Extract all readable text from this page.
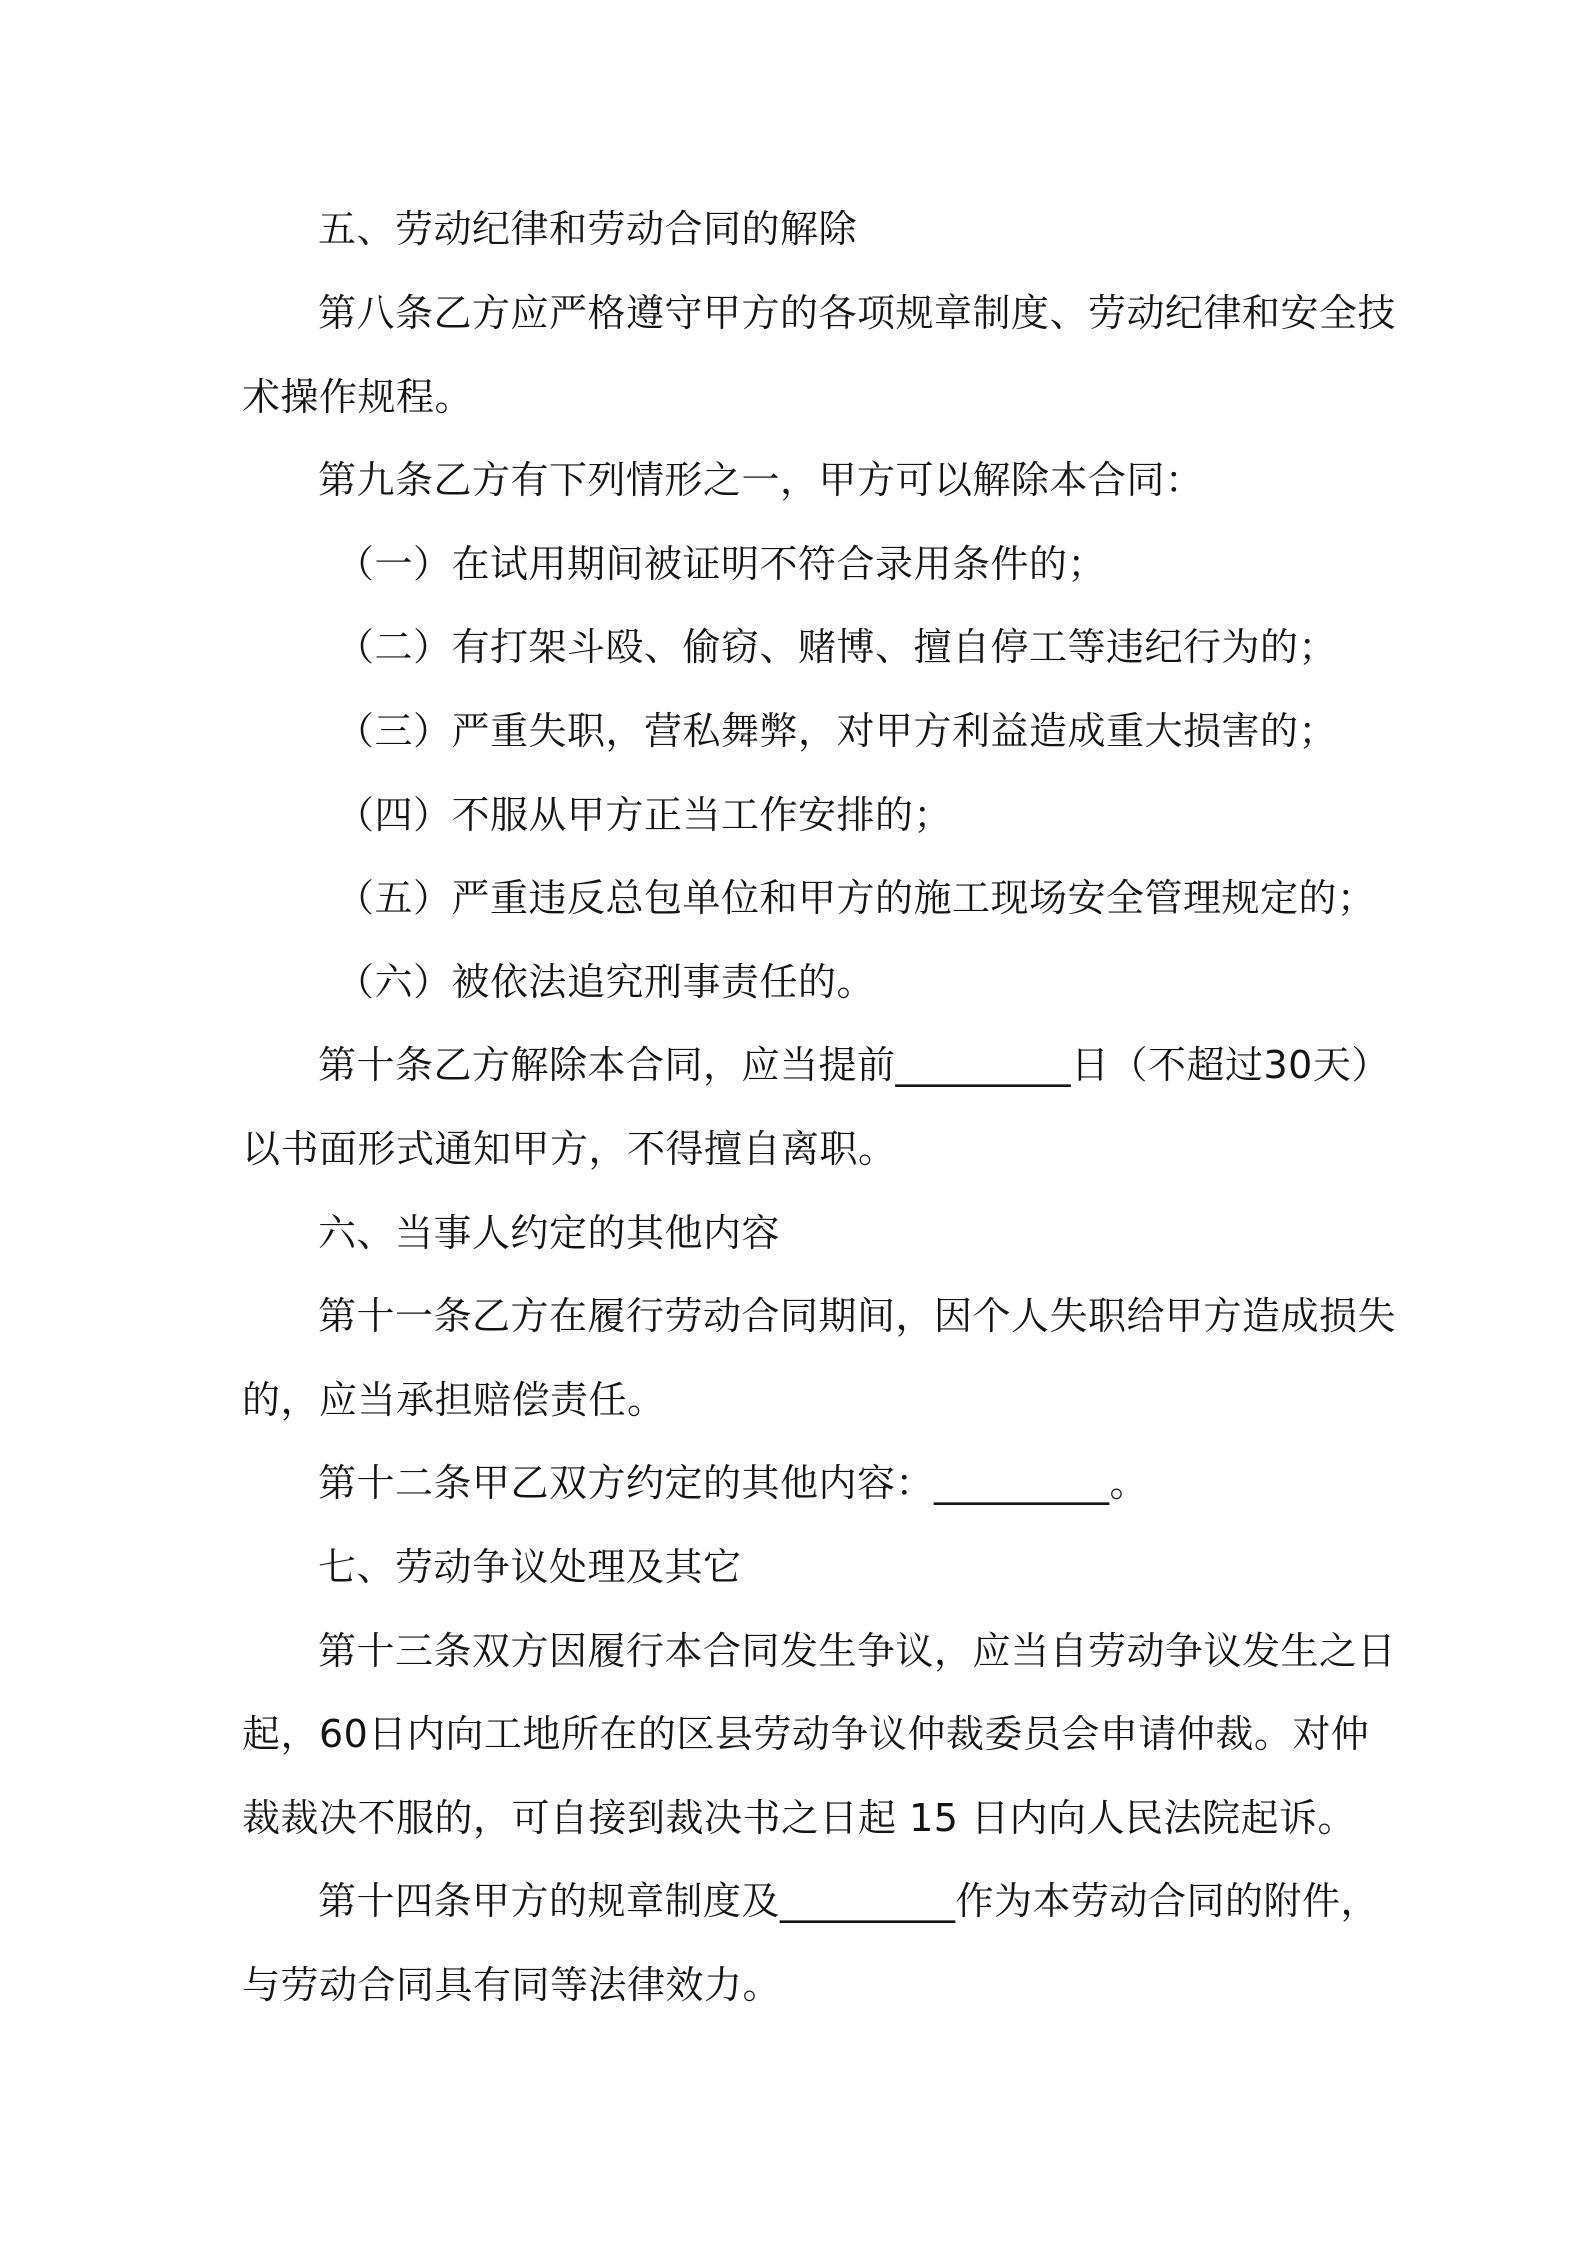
五、劳动纪律和劳动合同的解除

第八条乙方应严格遵守甲方的各项规章制度、劳动纪律和安全技

术操作规程。

第九条乙方有下列情形之一，甲方可以解除本合同：

（一）在试用期间被证明不符合录用条件的；

（二）有打架斗殴、偷窃、赌博、擅自停工等违纪行为的；

（三）严重失职，营私舞弊，对甲方利益造成重大损害的；

（四）不服从甲方正当工作安排的；

（五）严重违反总包单位和甲方的施工现场安全管理规定的；

（六）被依法追究刑事责任的。

第十条乙方解除本合同，应当提前_________日（不超过30天）

以书面形式通知甲方，不得擅自离职。

六、当事人约定的其他内容

第十一条乙方在履行劳动合同期间，因个人失职给甲方造成损失

的，应当承担赔偿责任。

第十二条甲乙双方约定的其他内容：_________。

七、劳动争议处理及其它

第十三条双方因履行本合同发生争议，应当自劳动争议发生之日

起，60日内向工地所在的区县劳动争议仲裁委员会申请仲裁。对仲

裁裁决不服的，可自接到裁决书之日起 15 日内向人民法院起诉。

第十四条甲方的规章制度及_________作为本劳动合同的附件，

与劳动合同具有同等法律效力。
